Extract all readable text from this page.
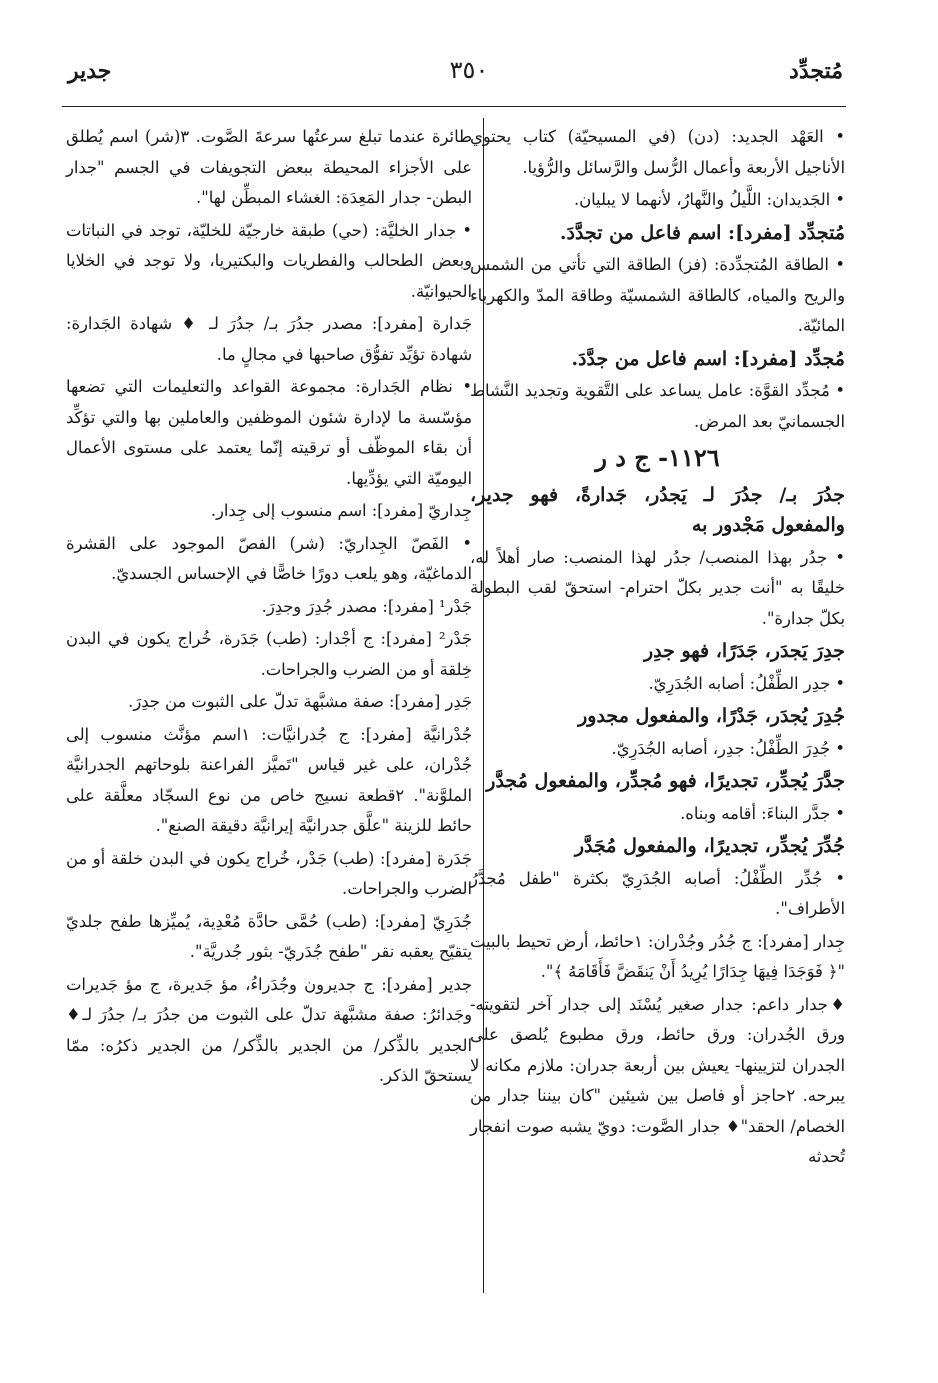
مُتجدِّد
٣٥٠
جدير

• العَهْد الجديد: (دن) (في المسيحيّة) كتاب يحتوي الأناجيل الأربعة وأعمال الرُّسل والرَّسائل والرُّؤيا.

• الجَديدان: اللَّيلُ والنَّهارُ، لأنهما لا يبليان.

مُتجدِّد [مفرد]: اسم فاعل من تجدَّدَ.

• الطاقة المُتجدِّدة: (فز) الطاقة التي تأتي من الشمس والريح والمياه، كالطاقة الشمسيّة وطاقة المدّ والكهرباء المائيّة.

مُجدِّد [مفرد]: اسم فاعل من جدَّدَ.

• مُجدِّد القوَّة: عامل يساعد على التَّقوية وتجديد النَّشاط الجسمانيّ بعد المرض.

١١٢٦- ج د ر

جدُرَ بـ/ جدُرَ لـ يَجدُر، جَدارةً، فهو جدير، والمفعول مَجْدور به

• جدُر بهذا المنصب/ جدُر لهذا المنصب: صار أهلاً له، خليقًا به "أنت جدير بكلّ احترام- استحقّ لقب البطولة بكلّ جدارة".

جدِرَ يَجدَر، جَدَرًا، فهو جدِر

• جدِر الطِّفْلُ: أصابه الجُدَرِيّ.

جُدِرَ يُجدَر، جَدْرًا، والمفعول مجدور

• جُدِرَ الطِّفْلُ: جدِر، أصابه الجُدَرِيّ.

جدَّرَ يُجدِّر، تجديرًا، فهو مُجدِّر، والمفعول مُجدَّر

• جدَّر البناءَ: أقامه وبناه.

جُدِّرَ يُجدِّر، تجديرًا، والمفعول مُجَدَّر

• جُدِّر الطِّفْلُ: أصابه الجُدَرِيّ بكثرة "طفل مُجدَّرُ الأطراف".

جِدار [مفرد]: ج جُدُر وجُدْران: ١حائط، أرض تحيط بالبيت "﴿ فَوَجَدَا فِيهَا جِدَارًا يُرِيدُ أَنْ يَنقَضَّ فَأَقَامَهُ ﴾".

♦جدار داعم: جدار صغير يُسْنَد إلى جدار آخر لتقويته- ورق الجُدران: ورق حائط، ورق مطبوع يُلصق على الجدران لتزيينها- يعيش بين أربعة جدران: ملازم مكانه لا يبرحه. ٢حاجز أو فاصل بين شيئين "كان بيننا جدار من الخصام/ الحقد"♦ جدار الصَّوت: دويّ يشبه صوت انفجار تُحدثه

طائرة عندما تبلغ سرعتُها سرعةَ الصَّوت. ٣(شر) اسم يُطلق على الأجزاء المحيطة ببعض التجويفات في الجسم "جدار البطن- جدار المَعِدَة: الغشاء المبطِّن لها".

• جدار الخليَّة: (حي) طبقة خارجيّة للخليّة، توجد في النباتات وبعض الطحالب والفطريات والبكتيريا، ولا توجد في الخلايا الحيوانيّة.

جَدارة [مفرد]: مصدر جدُرَ بـ/ جدُرَ لـ ♦ شهادة الجَدارة: شهادة تؤيِّد تفوُّق صاحبها في مجالٍ ما.

• نظام الجَدارة: مجموعة القواعد والتعليمات التي تضعها مؤسّسة ما لإدارة شئون الموظفين والعاملين بها والتي تؤكِّد أن بقاء الموظّف أو ترقيته إنّما يعتمد على مستوى الأعمال اليوميّة التي يؤدِّيها.

جِداريّ [مفرد]: اسم منسوب إلى جِدار.

• الفَصّ الجِداريّ: (شر) الفصّ الموجود على القشرة الدماغيّة، وهو يلعب دورًا خاصًّا في الإحساس الجسديّ.

جَدْر¹ [مفرد]: مصدر جُدِرَ وجدِرَ.

جَدْر² [مفرد]: ج أجْدار: (طب) جَدَرة، خُراج يكون في البدن خِلقة أو من الضرب والجراحات.

جَدِر [مفرد]: صفة مشبَّهة تدلّ على الثبوت من جدِرَ.

جُدْرانيَّة [مفرد]: ج جُدرانيَّات: ١اسم مؤنَّث منسوب إلى جُدْران، على غير قياس "تَميَّز الفراعنة بلوحاتهم الجدرانيَّة الملوَّنة". ٢قطعة نسيج خاص من نوع السجّاد معلَّقة على حائط للزينة "علَّق جدرانيَّة إيرانيَّة دقيقة الصنع".

جَدَرة [مفرد]: (طب) جَدْر، خُراج يكون في البدن خلقة أو من الضرب والجراحات.

جُدَرِيّ [مفرد]: (طب) حُمَّى حادَّة مُعْدِية، يُميِّزها طفح جلديّ يتقيّح يعقبه نقر "طفح جُدَريّ- بثور جُدريَّة".

جدير [مفرد]: ج جديرون وجُدَراءُ، مؤ جَديرة، ج مؤ جَديرات وجَدائرُ: صفة مشبَّهة تدلّ على الثبوت من جدُرَ بـ/ جدُرَ لـ♦ الجدير بالذِّكر/ من الجدير بالذِّكر/ من الجدير ذكرُه: ممّا يستحقّ الذكر.
